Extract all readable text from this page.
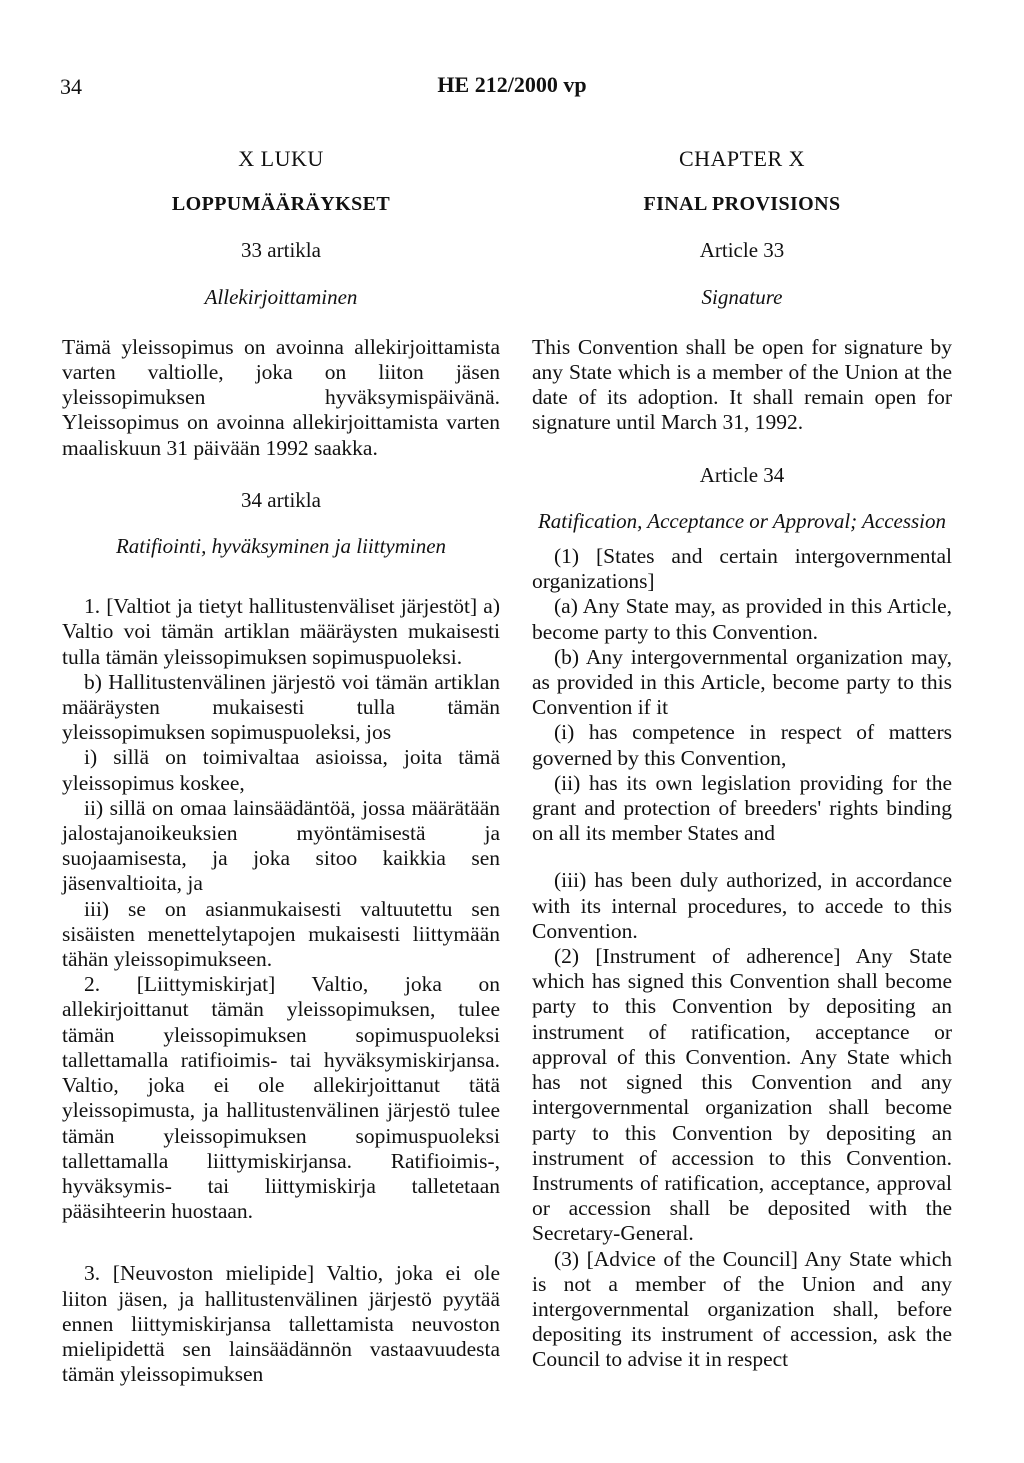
34	HE 212/2000 vp

X LUKU

LOPPUMÄÄRÄYKSET

33 artikla

Allekirjoittaminen

Tämä yleissopimus on avoinna allekirjoittamista varten valtiolle, joka on liiton jäsen yleissopimuksen hyväksymispäivänä. Yleissopimus on avoinna allekirjoittamista varten maaliskuun 31 päivään 1992 saakka.

34 artikla

Ratifiointi, hyväksyminen ja liittyminen

1. [Valtiot ja tietyt hallitustenväliset järjestöt] a) Valtio voi tämän artiklan määräysten mukaisesti tulla tämän yleissopimuksen sopimuspuoleksi.

b) Hallitustenvälinen järjestö voi tämän artiklan määräysten mukaisesti tulla tämän yleissopimuksen sopimuspuoleksi, jos

i) sillä on toimivaltaa asioissa, joita tämä yleissopimus koskee,

ii) sillä on omaa lainsäädäntöä, jossa määrätään jalostajanoikeuksien myöntämisestä ja suojaamisesta, ja joka sitoo kaikkia sen jäsenvaltioita, ja

iii) se on asianmukaisesti valtuutettu sen sisäisten menettelytapojen mukaisesti liittymään tähän yleissopimukseen.

2. [Liittymiskirjat] Valtio, joka on allekirjoittanut tämän yleissopimuksen, tulee tämän yleissopimuksen sopimuspuoleksi tallettamalla ratifioimis- tai hyväksymiskirjansa. Valtio, joka ei ole allekirjoittanut tätä yleissopimusta, ja hallitustenvälinen järjestö tulee tämän yleissopimuksen sopimuspuoleksi tallettamalla liittymiskirjansa. Ratifioimis-, hyväksymis- tai liittymiskirja talletetaan pääsihteerin huostaan.

3. [Neuvoston mielipide] Valtio, joka ei ole liiton jäsen, ja hallitustenvälinen järjestö pyytää ennen liittymiskirjansa tallettamista neuvoston mielipidettä sen lainsäädännön vastaavuudesta tämän yleissopimuksen

CHAPTER X

FINAL PROVISIONS

Article 33

Signature

This Convention shall be open for signature by any State which is a member of the Union at the date of its adoption. It shall remain open for signature until March 31, 1992.

Article 34

Ratification, Acceptance or Approval; Accession

(1) [States and certain intergovernmental organizations]

(a) Any State may, as provided in this Article, become party to this Convention.

(b) Any intergovernmental organization may, as provided in this Article, become party to this Convention if it

(i) has competence in respect of matters governed by this Convention,

(ii) has its own legislation providing for the grant and protection of breeders' rights binding on all its member States and

(iii) has been duly authorized, in accordance with its internal procedures, to accede to this Convention.

(2) [Instrument of adherence] Any State which has signed this Convention shall become party to this Convention by depositing an instrument of ratification, acceptance or approval of this Convention. Any State which has not signed this Convention and any intergovernmental organization shall become party to this Convention by depositing an instrument of accession to this Convention. Instruments of ratification, acceptance, approval or accession shall be deposited with the Secretary-General.

(3) [Advice of the Council] Any State which is not a member of the Union and any intergovernmental organization shall, before depositing its instrument of accession, ask the Council to advise it in respect
